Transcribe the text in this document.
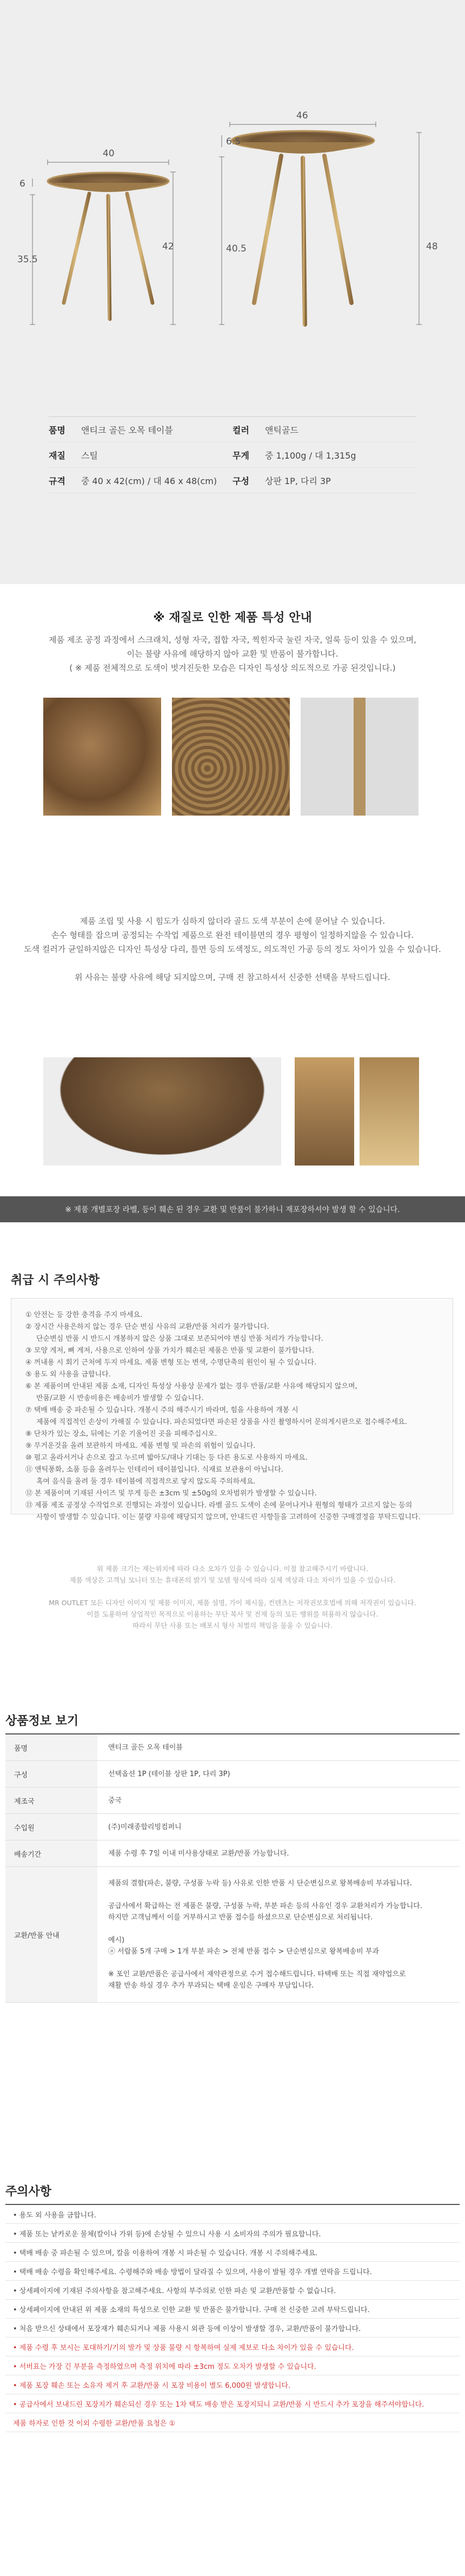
40
6
35.5
42
46
6.5
40.5	48
품명	앤티크 골든 오목 테이블	컬러	앤틱골드
재질	스틸	무게	중 1,100g / 대 1,315g
규격	중 40 x 42(cm) / 대 46 x 48(cm) 구성	상판 1P, 다리 3P
※ 재질로 인한 제품 특성 안내
제품 제조 공정 과정에서 스크래치, 성형 자국, 접합 자국, 찍힌자국 눌린 자국, 얼룩 등이 있을 수 있으며,
이는 불량 사유에 해당하지 않아 교환 및 반품이 불가합니다.
( ※ 제품 전체적으로 도색이 벗겨진듯한 모습은 디자인 특성상 의도적으로 가공 된것입니다.)
제품 조립 및 사용 시 힘도가 심하지 않더라 골드 도색 부분이 손에 묻어날 수 있습니다.
손수 형태를 잡으며 공정되는 수작업 제품으로 완전 테이블면의 경우 평형이 일정하지않을 수 있습니다.
도색 컬러가 균일하지않은 디자인 특성상 다리, 틀면 등의 도색정도, 의도적인 가공 등의 정도 차이가 있을 수 있습니다.

위 사유는 불량 사유에 해당 되지않으며, 구매 전 참고하셔서 신중한 선택을 부탁드립니다.
※ 제품 개별포장 라벨, 등이 훼손 된 경우 교환 및 반품이 불가하니 재포장하셔야 발생 할 수 있습니다.
취급 시 주의사항
① 안전는 등 강한 충격을 주지 마세요.
② 장시간 사용은하지 않는 경우 단순 변심 사유의 교환/반품 처리가 불가합니다.
단순변심 반품 시 반드시 개봉하지 않은 상품 그대로 보존되어야 변심 반품 처리가 가능합니다.
③ 모양 게저, 뼈 게저, 사용으로 인하여 상품 가치가 훼손된 제품은 반품 및 교환이 불가합니다.
④ 꺼내용 시 회기 근처에 두지 마세요. 제품 변형 또는 변색, 수명단축의 원인이 될 수 있습니다.
⑤ 용도 외 사용을 금합니다.
⑥ 본 제품이며 안내된 제품 소재, 디자인 특성상 사용상 문제가 없는 경우 반품/교환 사유에 해당되지 않으며,
반품/교환 시 반송비용은 배송비가 발생할 수 있습니다.
⑦ 택배 배송 중 파손될 수 있습니다. 개봉시 주의 해주시기 바라며, 힘을 사용하여 개봉 시
제품에 직접적인 손상이 가해질 수 있습니다. 파손되었다면 파손된 상품을 사진 촬영하시어 문의게시판으로 접수해주세요.
⑧ 단차가 있는 장소, 뒤에는 기운 기울어진 곳을 피해주십시오.
⑨ 무거운것을 올려 보관하지 마세요. 제품 변형 및 파손의 위험이 있습니다.
⑩ 펄고 올라서거나 손으로 잡고 누르며 밟아도/대나 기대는 등 다른 용도로 사용하지 마세요.
⑪ 앤틱풍화, 소품 등을 올려두는 인테리어 테이블입니다. 식재료 보관용이 아닙니다.
혹여 음식을 올려 둘 경우 테이블에 직접적으로 닿지 않도록 주의하세요.
⑫ 본 제품이며 기재된 사이즈 및 무게 등은 ±3cm 및 ±50g의 오차범위가 발생할 수 있습니다.
⑬ 제품 제조 공정상 수작업으로 진행되는 과정이 있습니다. 라벨 골드 도색이 손에 묻어나거나 원형의 형태가 고르지 않는 등의
사항이 발생할 수 있습니다. 이는 불량 사유에 해당되지 않으며, 안내드린 사항들을 고려하여 신중한 구매결정을 부탁드립니다.
위 제품 크기는 재는위치에 따라 다소 오차가 있을 수 있습니다. 이점 참고해주시기 바랍니다.
제품 색상은 고객님 모니터 또는 휴대폰의 밝기 및 모델 형식에 따라 실제 색상과 다소 차이가 있을 수 있습니다.

MR OUTLET 모든 디자인 이미지 및 제품 이미지, 제품 설명, 가이 제시물, 컨텐츠는 저작권보호법에 의해 저작권이 있습니다.
이를 도용하여 상업적인 목적으로 이용하는 무단 복사 및 전재 등의 모든 행위를 허용하지 않습니다.
따라서 무단 사용 또는 배포시 형사 처벌의 책임을 물을 수 있습니다.
상품정보 보기
품명	앤티크 골든 오목 테이블
구성	선택옵션 1P (테이블 상판 1P, 다리 3P)
제조국	중국
수입원	(주)미래종합리빙컴퍼니
배송기간	제품 수령 후 7일 이내 미사용상태로 교환/반품 가능합니다.
교환/반품 안내
제품의 결함(파손, 불량, 구성품 누락 등) 사유로 인한 반품 시 단순변심으로 왕복배송비 부과됩니다.

공급사에서 확급하는 전 제품은 불량, 구성품 누락, 부분 파손 등의 사유인 경우 교환처리가 가능합니다.
하지만 고객님께서 이를 거부하시고 반품 접수를 하셨으므로 단순변심으로 처리됩니다.

예시)
ⓐ 서랍품 5개 구매 > 1개 부분 파손 > 전체 반품 접수 > 단순변심으로 왕복배송비 부과

※ 포인 교환/반품은 공급사에서 재약관정으로 수거 접수해드립니다. 타택배 또는 직접 재약업으로
재활 반송 하실 경우 추가 부과되는 택배 운임은 구매자 부담입니다.
주의사항
• 용도 외 사용을 금합니다.
• 제품 또는 낱카로운 물체(칼이나 가위 등)에 손상될 수 있으니 사용 시 소비자의 주의가 필요합니다.
• 택배 배송 중 파손될 수 있으며, 칼을 이용하여 개봉 시 파손될 수 있습니다. 개봉 시 주의해주세요.
• 택배 배송 수령을 확인해주세요. 수령해주와 배송 방법이 달라질 수 있으며, 사용이 발될 경우 개별 연락을 드립니다.
• 상세페이지에 기재된 주의사항을 참고해주세요. 사항의 부주의로 인한 파손 및 교환/반품할 수 없습니다.
• 상세페이지에 안내된 위 제품 소재의 특성으로 인한 교환 및 반품은 불가합니다. 구매 전 신중한 고려 부탁드립니다.
• 처음 받으신 상태에서 포장재가 훼손되거나 제품 사용시 외관 등에 이상이 발생할 경우, 교환/반품이 불가합니다.
• 제품 수령 후 보시는 포대하기/기의 발가 및 상품 불량 시 항복하여 실제 제보로 다소 차이가 있을 수 있습니다.
• 서버표는 가장 긴 부분을 측정하였으며 측정 위치에 따라 ±3cm 정도 오차가 발생할 수 있습니다.
• 제품 포장 훼손 또는 소유자 제거 후 교환/반품 시 포장 비용이 별도 6,000원 발생합니다.
• 공급사에서 보내드린 포장지가 훼손되신 경우 또는 1차 택도 배송 받은 포장지되니 교환/반품 시 반드시 추가 포장을 해주셔야합니다.
제품 하자로 인한 것 이외 수령한 교환/반품 요청은 ①
